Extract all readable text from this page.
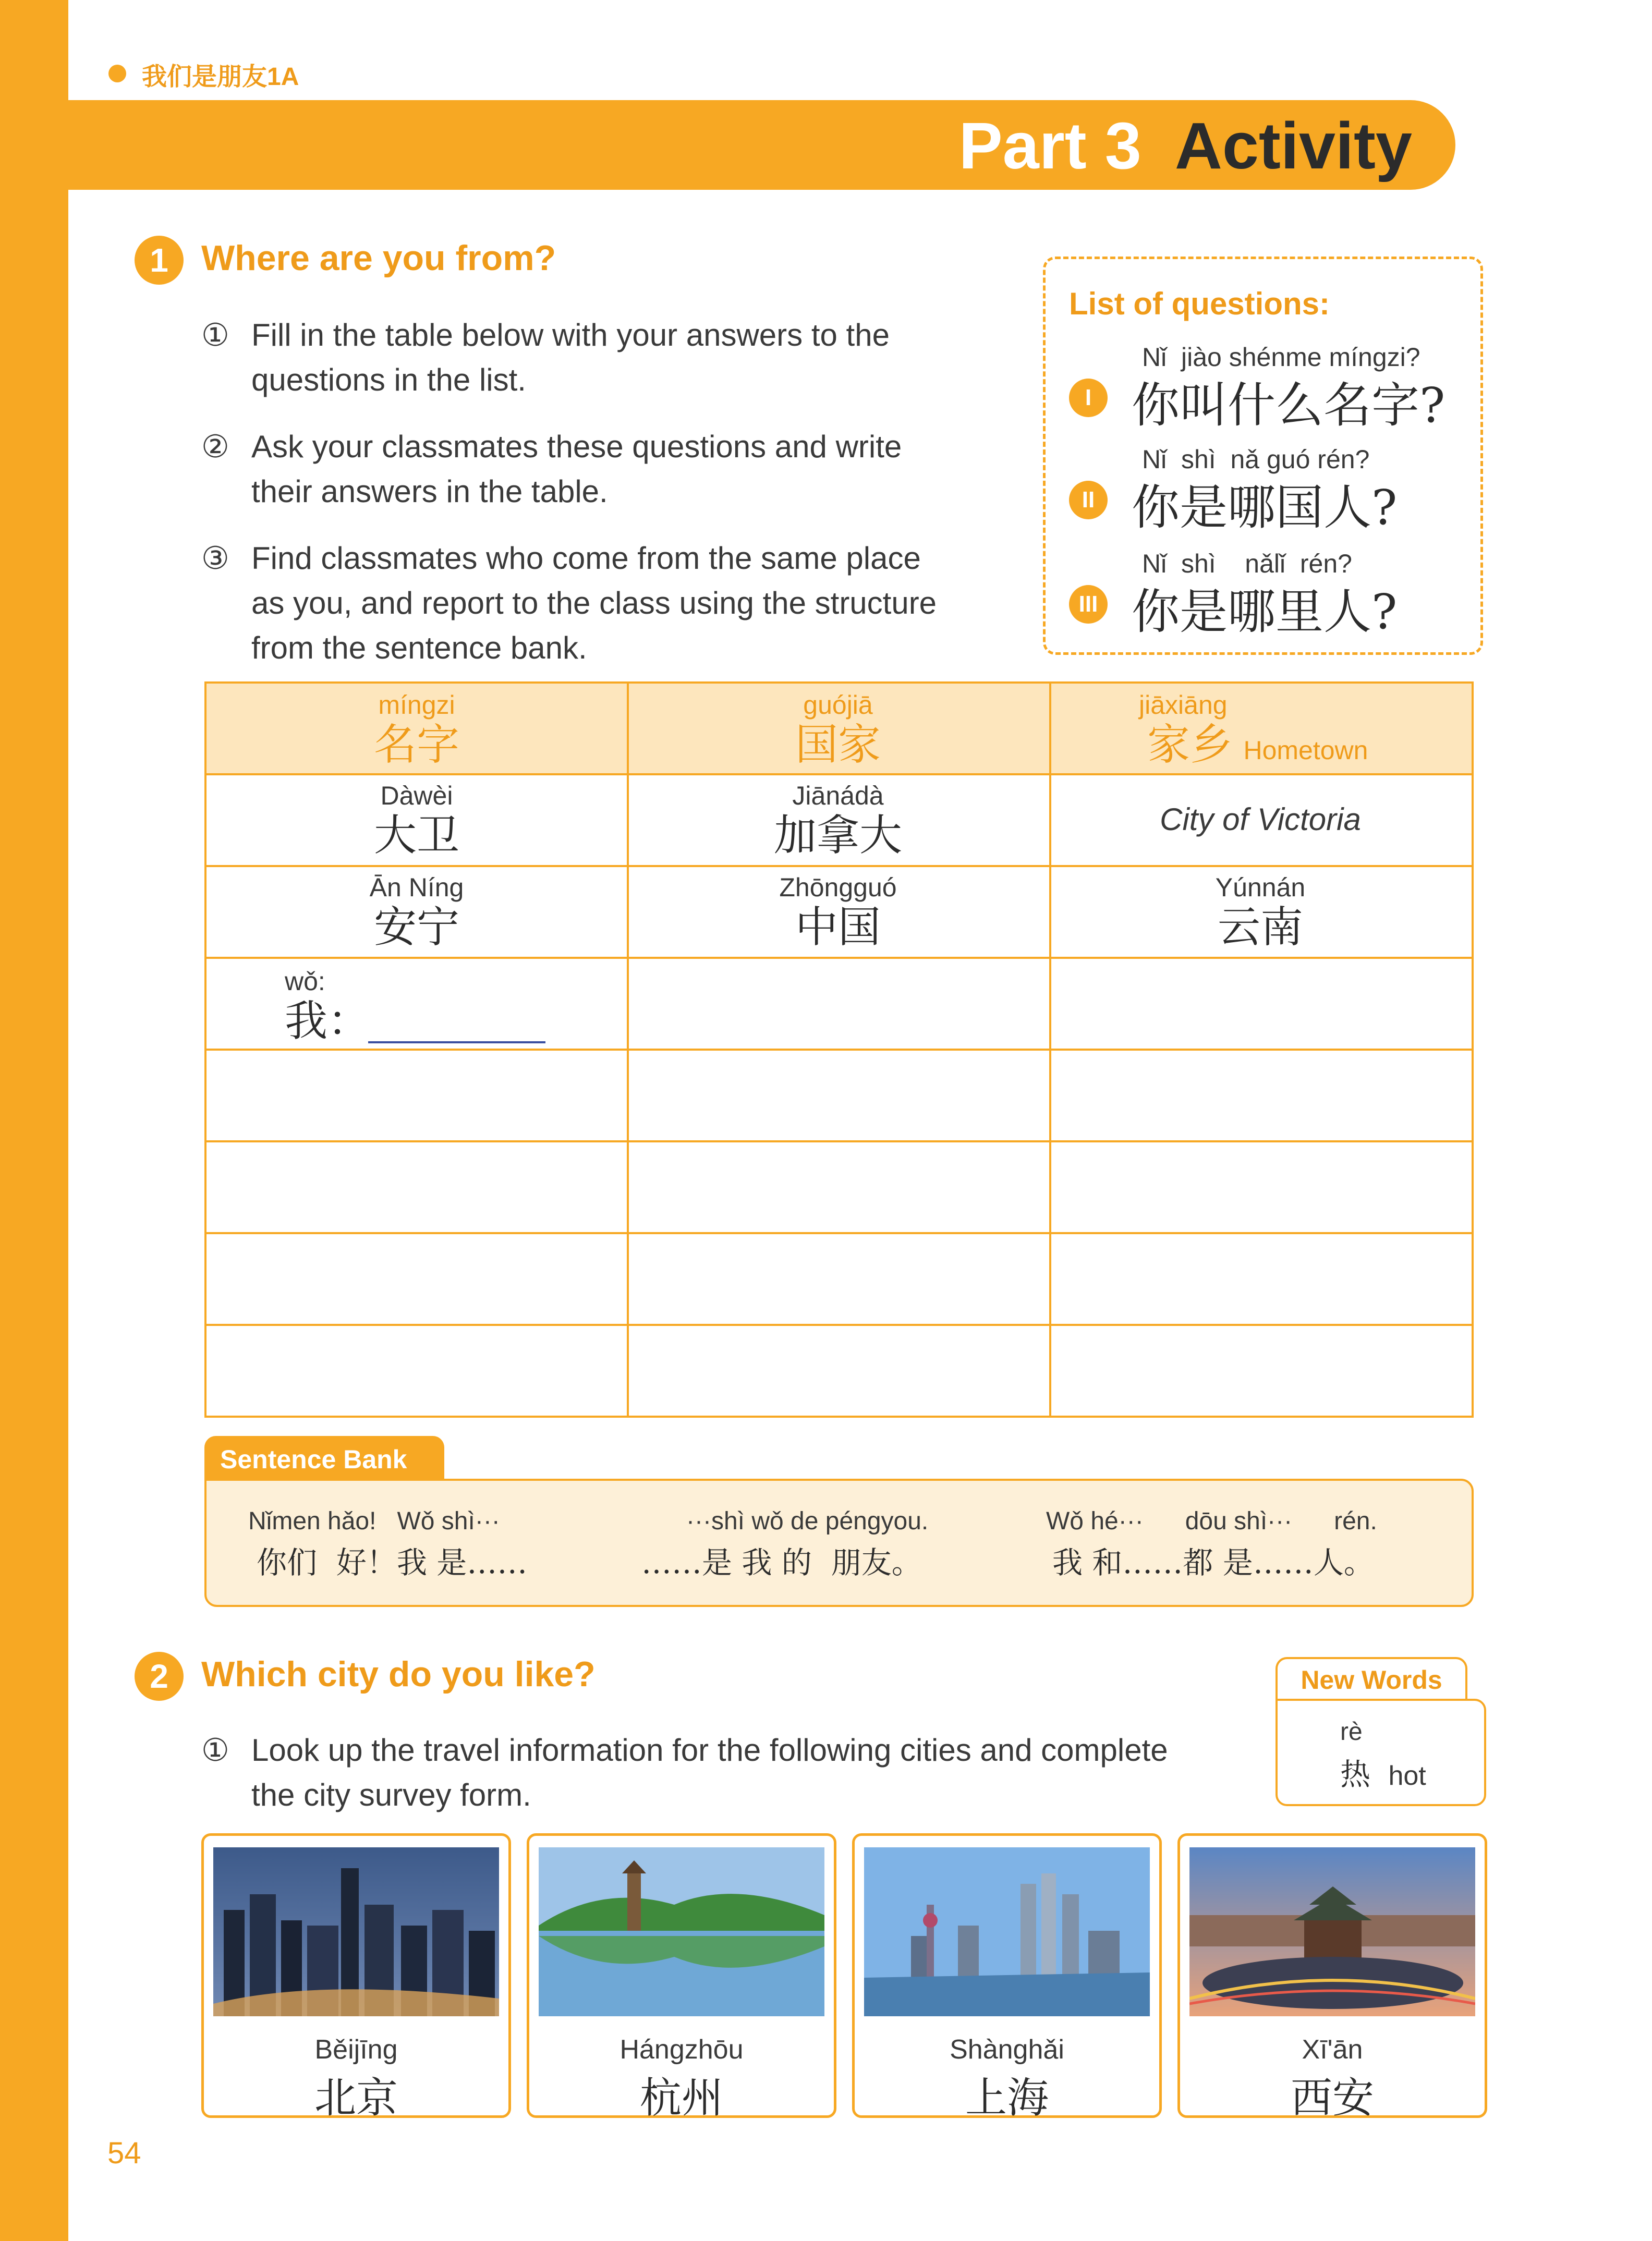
我们是朋友1A
Part 3 Activity
1 Where are you from?
① Fill in the table below with your answers to the
questions in the list.
② Ask your classmates these questions and write
their answers in the table.
③ Find classmates who come from the same place
as you, and report to the class using the structure
from the sentence bank.
List of questions:
Nǐ  jiào shénme míngzi?
I 你叫什么名字?
Nǐ  shì  nǎ guó rén?
II 你是哪国人?
Nǐ  shì    nǎlǐ  rén?
III 你是哪里人?
míngzi
名字
guójiā
国家
jiāxiāng
家乡 Hometown
Dàwèi
大卫
Jiānádà
加拿大	City of Victoria
Ān Níng
安宁
Zhōngguó
中国
Yúnnán
云南
wǒ:
我：
Sentence Bank
Nǐmen hǎo!   Wǒ shì···
你们  好！我 是……
···shì wǒ de péngyou.
……是 我 的  朋友。
Wǒ hé···      dōu shì···      rén.
我 和……都 是……人。
2 Which city do you like?
① Look up the travel information for the following cities and complete
the city survey form.
New Words
rè
热 hot
Běijīng
北京
Hángzhōu
杭州
Shànghǎi
上海
Xī'ān
西安
54
